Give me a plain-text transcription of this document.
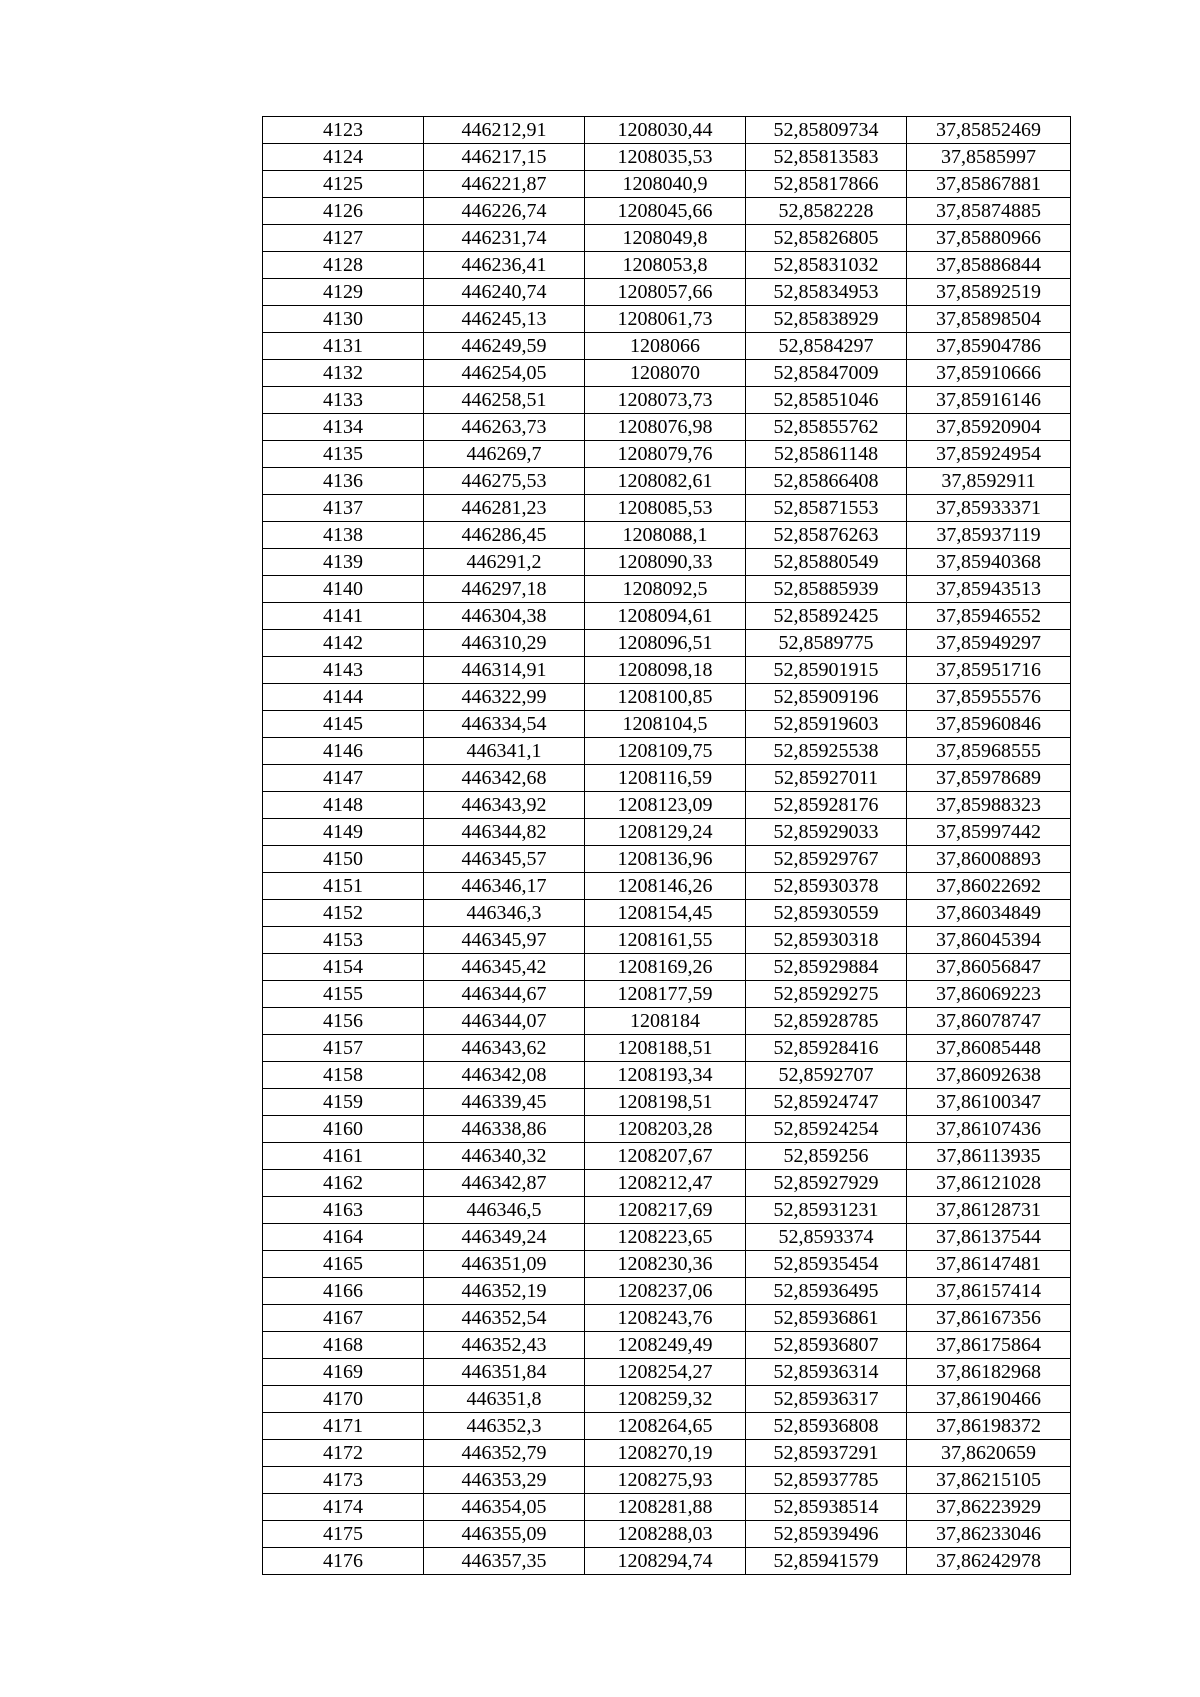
4123	446212,91	1208030,44	52,85809734	37,85852469
4124	446217,15	1208035,53	52,85813583	37,8585997
4125	446221,87	1208040,9	52,85817866	37,85867881
4126	446226,74	1208045,66	52,8582228	37,85874885
4127	446231,74	1208049,8	52,85826805	37,85880966
4128	446236,41	1208053,8	52,85831032	37,85886844
4129	446240,74	1208057,66	52,85834953	37,85892519
4130	446245,13	1208061,73	52,85838929	37,85898504
4131	446249,59	1208066	52,8584297	37,85904786
4132	446254,05	1208070	52,85847009	37,85910666
4133	446258,51	1208073,73	52,85851046	37,85916146
4134	446263,73	1208076,98	52,85855762	37,85920904
4135	446269,7	1208079,76	52,85861148	37,85924954
4136	446275,53	1208082,61	52,85866408	37,8592911
4137	446281,23	1208085,53	52,85871553	37,85933371
4138	446286,45	1208088,1	52,85876263	37,85937119
4139	446291,2	1208090,33	52,85880549	37,85940368
4140	446297,18	1208092,5	52,85885939	37,85943513
4141	446304,38	1208094,61	52,85892425	37,85946552
4142	446310,29	1208096,51	52,8589775	37,85949297
4143	446314,91	1208098,18	52,85901915	37,85951716
4144	446322,99	1208100,85	52,85909196	37,85955576
4145	446334,54	1208104,5	52,85919603	37,85960846
4146	446341,1	1208109,75	52,85925538	37,85968555
4147	446342,68	1208116,59	52,85927011	37,85978689
4148	446343,92	1208123,09	52,85928176	37,85988323
4149	446344,82	1208129,24	52,85929033	37,85997442
4150	446345,57	1208136,96	52,85929767	37,86008893
4151	446346,17	1208146,26	52,85930378	37,86022692
4152	446346,3	1208154,45	52,85930559	37,86034849
4153	446345,97	1208161,55	52,85930318	37,86045394
4154	446345,42	1208169,26	52,85929884	37,86056847
4155	446344,67	1208177,59	52,85929275	37,86069223
4156	446344,07	1208184	52,85928785	37,86078747
4157	446343,62	1208188,51	52,85928416	37,86085448
4158	446342,08	1208193,34	52,8592707	37,86092638
4159	446339,45	1208198,51	52,85924747	37,86100347
4160	446338,86	1208203,28	52,85924254	37,86107436
4161	446340,32	1208207,67	52,859256	37,86113935
4162	446342,87	1208212,47	52,85927929	37,86121028
4163	446346,5	1208217,69	52,85931231	37,86128731
4164	446349,24	1208223,65	52,8593374	37,86137544
4165	446351,09	1208230,36	52,85935454	37,86147481
4166	446352,19	1208237,06	52,85936495	37,86157414
4167	446352,54	1208243,76	52,85936861	37,86167356
4168	446352,43	1208249,49	52,85936807	37,86175864
4169	446351,84	1208254,27	52,85936314	37,86182968
4170	446351,8	1208259,32	52,85936317	37,86190466
4171	446352,3	1208264,65	52,85936808	37,86198372
4172	446352,79	1208270,19	52,85937291	37,8620659
4173	446353,29	1208275,93	52,85937785	37,86215105
4174	446354,05	1208281,88	52,85938514	37,86223929
4175	446355,09	1208288,03	52,85939496	37,86233046
4176	446357,35	1208294,74	52,85941579	37,86242978
